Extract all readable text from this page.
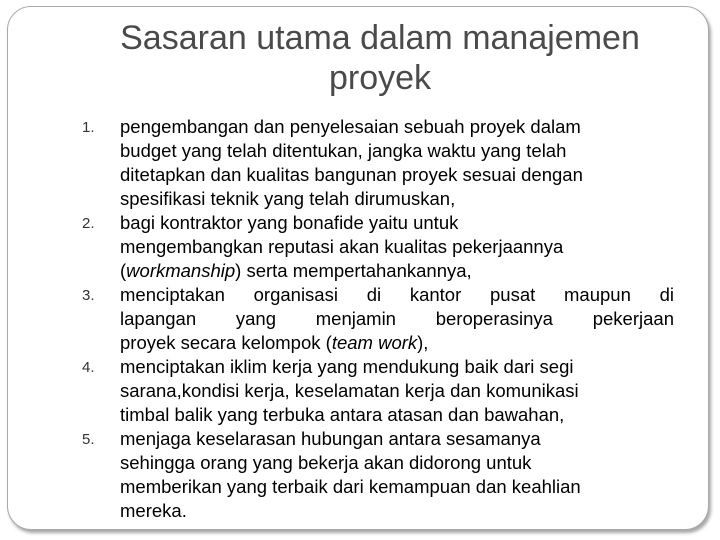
Sasaran utama dalam manajemen
proyek
1. pengembangan dan penyelesaian sebuah proyek dalam
budget yang telah ditentukan, jangka waktu yang telah
ditetapkan dan kualitas bangunan proyek sesuai dengan
spesifikasi teknik yang telah dirumuskan,
2. bagi kontraktor yang bonafide yaitu untuk
mengembangkan reputasi akan kualitas pekerjaannya
(workmanship) serta mempertahankannya,
3. menciptakan organisasi di kantor pusat maupun di
lapangan yang menjamin beroperasinya pekerjaan
proyek secara kelompok (team work),
4. menciptakan iklim kerja yang mendukung baik dari segi
sarana,kondisi kerja, keselamatan kerja dan komunikasi
timbal balik yang terbuka antara atasan dan bawahan,
5. menjaga keselarasan hubungan antara sesamanya
sehingga orang yang bekerja akan didorong untuk
memberikan yang terbaik dari kemampuan dan keahlian
mereka.
